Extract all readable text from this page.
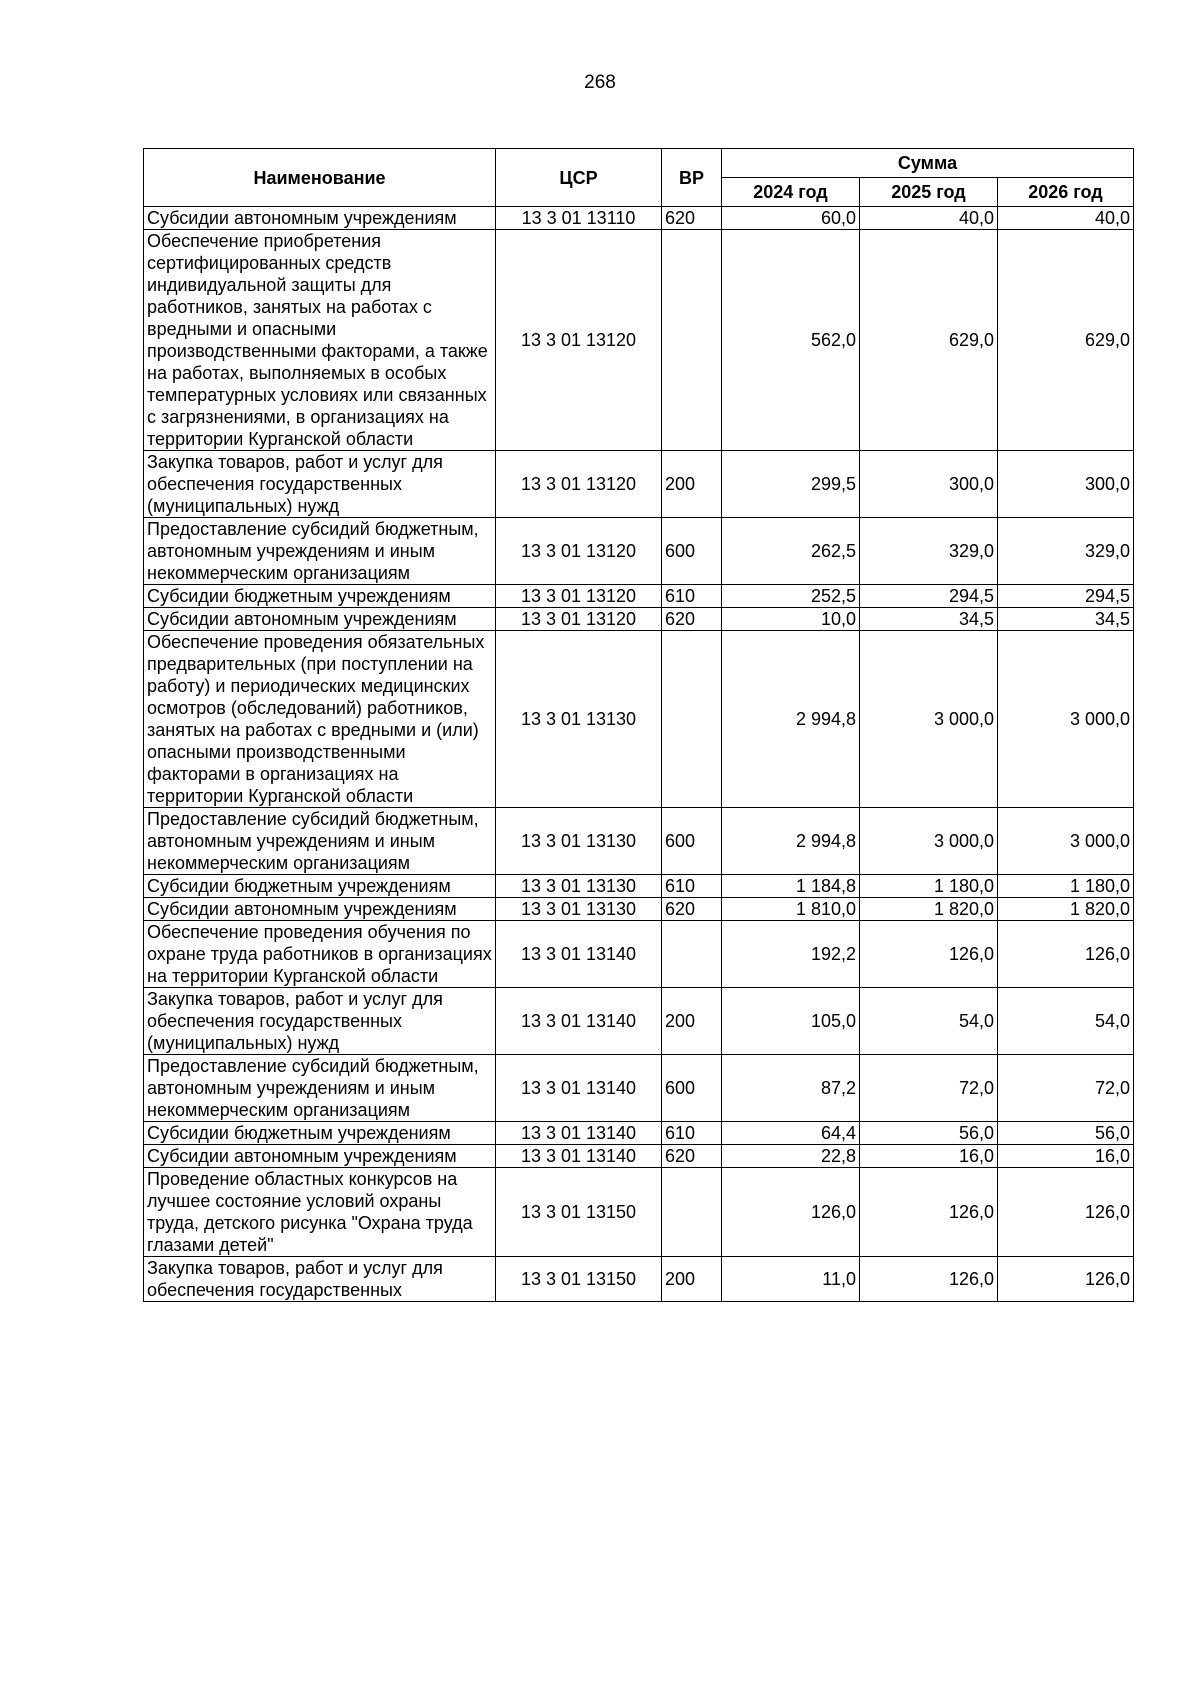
268
Наименование	ЦСР	ВР	Сумма		
			2024 год	2025 год	2026 год
Субсидии автономным учреждениям	13 3 01 13110	620	60,0	40,0	40,0
Обеспечение приобретения сертифицированных средств индивидуальной защиты для работников, занятых на работах с вредными и опасными производственными факторами, а также на работах, выполняемых в особых температурных условиях или связанных с загрязнениями, в организациях на территории Курганской области	13 3 01 13120		562,0	629,0	629,0
Закупка товаров, работ и услуг для обеспечения государственных (муниципальных) нужд	13 3 01 13120	200	299,5	300,0	300,0
Предоставление субсидий бюджетным, автономным учреждениям и иным некоммерческим организациям	13 3 01 13120	600	262,5	329,0	329,0
Субсидии бюджетным учреждениям	13 3 01 13120	610	252,5	294,5	294,5
Субсидии автономным учреждениям	13 3 01 13120	620	10,0	34,5	34,5
Обеспечение проведения обязательных предварительных (при поступлении на работу) и периодических медицинских осмотров (обследований) работников, занятых на работах с вредными и (или) опасными производственными факторами в организациях на территории Курганской области	13 3 01 13130		2 994,8	3 000,0	3 000,0
Предоставление субсидий бюджетным, автономным учреждениям и иным некоммерческим организациям	13 3 01 13130	600	2 994,8	3 000,0	3 000,0
Субсидии бюджетным учреждениям	13 3 01 13130	610	1 184,8	1 180,0	1 180,0
Субсидии автономным учреждениям	13 3 01 13130	620	1 810,0	1 820,0	1 820,0
Обеспечение проведения обучения по охране труда работников в организациях на территории Курганской области	13 3 01 13140		192,2	126,0	126,0
Закупка товаров, работ и услуг для обеспечения государственных (муниципальных) нужд	13 3 01 13140	200	105,0	54,0	54,0
Предоставление субсидий бюджетным, автономным учреждениям и иным некоммерческим организациям	13 3 01 13140	600	87,2	72,0	72,0
Субсидии бюджетным учреждениям	13 3 01 13140	610	64,4	56,0	56,0
Субсидии автономным учреждениям	13 3 01 13140	620	22,8	16,0	16,0
Проведение областных конкурсов на лучшее состояние условий охраны труда, детского рисунка "Охрана труда глазами детей"	13 3 01 13150		126,0	126,0	126,0
Закупка товаров, работ и услуг для обеспечения государственных	13 3 01 13150	200	11,0	126,0	126,0
